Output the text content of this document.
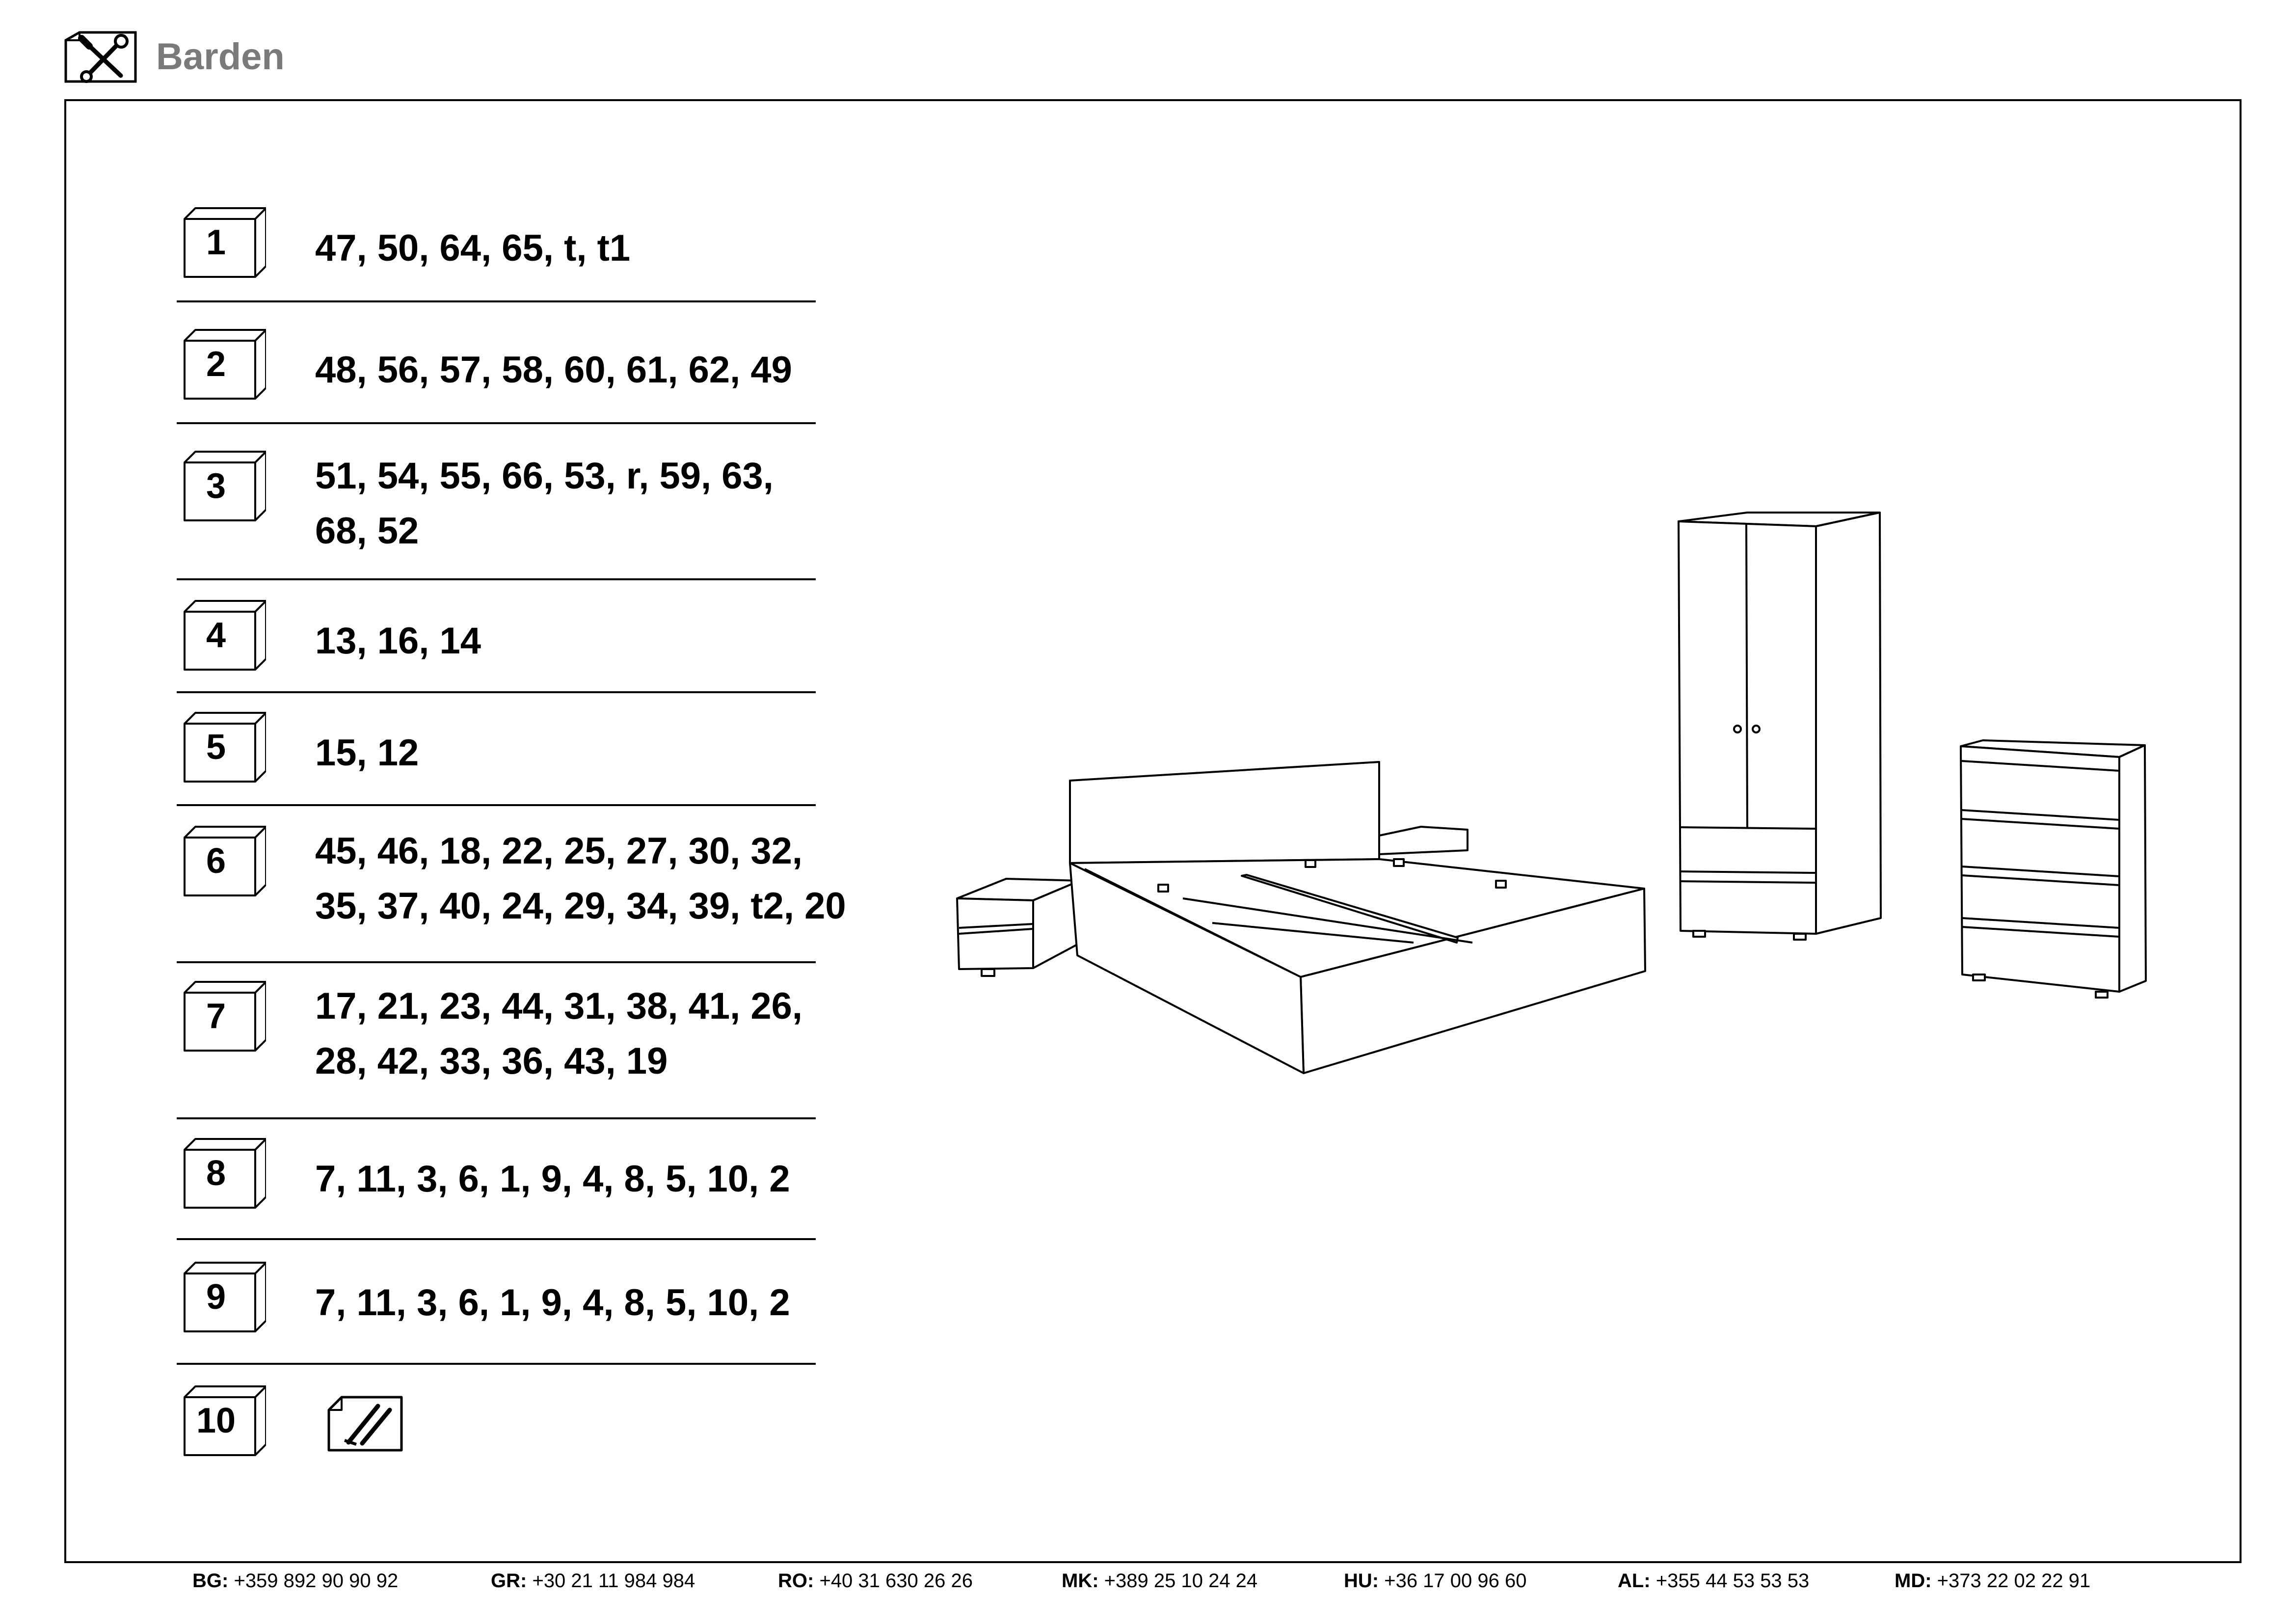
Barden
1	47, 50, 64, 65, t, t1
2	48, 56, 57, 58, 60, 61, 62, 49
3	51, 54, 55, 66, 53, r, 59, 63,
68, 52
4	13, 16, 14
5	15, 12
6	45, 46, 18, 22, 25, 27, 30, 32,
35, 37, 40, 24, 29, 34, 39, t2, 20
7	17, 21, 23, 44, 31, 38, 41, 26,
28, 42, 33, 36, 43, 19
8	7, 11, 3, 6, 1, 9, 4, 8, 5, 10, 2
9	7, 11, 3, 6, 1, 9, 4, 8, 5, 10, 2
10
BG: +359 892 90 90 92	GR: +30 21 11 984 984	RO: +40 31 630 26 26	MK: +389 25 10 24 24	HU: +36 17 00 96 60	AL: +355 44 53 53 53	MD: +373 22 02 22 91
